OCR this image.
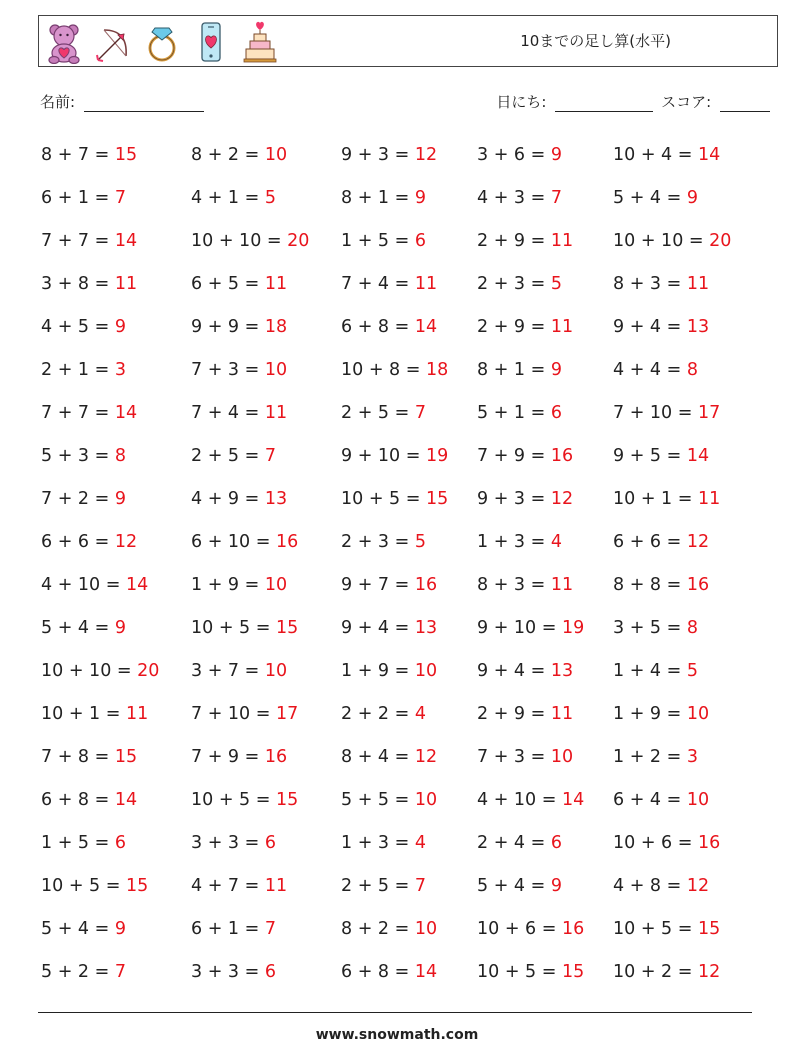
10までの足し算(水平)
名前:	日にち:	スコア:
8 + 7 = 15	8 + 2 = 10	9 + 3 = 12	3 + 6 = 9	10 + 4 = 14
6 + 1 = 7	4 + 1 = 5	8 + 1 = 9	4 + 3 = 7	5 + 4 = 9
7 + 7 = 14	10 + 10 = 20	1 + 5 = 6	2 + 9 = 11	10 + 10 = 20
3 + 8 = 11	6 + 5 = 11	7 + 4 = 11	2 + 3 = 5	8 + 3 = 11
4 + 5 = 9	9 + 9 = 18	6 + 8 = 14	2 + 9 = 11	9 + 4 = 13
2 + 1 = 3	7 + 3 = 10	10 + 8 = 18	8 + 1 = 9	4 + 4 = 8
7 + 7 = 14	7 + 4 = 11	2 + 5 = 7	5 + 1 = 6	7 + 10 = 17
5 + 3 = 8	2 + 5 = 7	9 + 10 = 19	7 + 9 = 16	9 + 5 = 14
7 + 2 = 9	4 + 9 = 13	10 + 5 = 15	9 + 3 = 12	10 + 1 = 11
6 + 6 = 12	6 + 10 = 16	2 + 3 = 5	1 + 3 = 4	6 + 6 = 12
4 + 10 = 14	1 + 9 = 10	9 + 7 = 16	8 + 3 = 11	8 + 8 = 16
5 + 4 = 9	10 + 5 = 15	9 + 4 = 13	9 + 10 = 19	3 + 5 = 8
10 + 10 = 20	3 + 7 = 10	1 + 9 = 10	9 + 4 = 13	1 + 4 = 5
10 + 1 = 11	7 + 10 = 17	2 + 2 = 4	2 + 9 = 11	1 + 9 = 10
7 + 8 = 15	7 + 9 = 16	8 + 4 = 12	7 + 3 = 10	1 + 2 = 3
6 + 8 = 14	10 + 5 = 15	5 + 5 = 10	4 + 10 = 14	6 + 4 = 10
1 + 5 = 6	3 + 3 = 6	1 + 3 = 4	2 + 4 = 6	10 + 6 = 16
10 + 5 = 15	4 + 7 = 11	2 + 5 = 7	5 + 4 = 9	4 + 8 = 12
5 + 4 = 9	6 + 1 = 7	8 + 2 = 10	10 + 6 = 16	10 + 5 = 15
5 + 2 = 7	3 + 3 = 6	6 + 8 = 14	10 + 5 = 15	10 + 2 = 12
www.snowmath.com
